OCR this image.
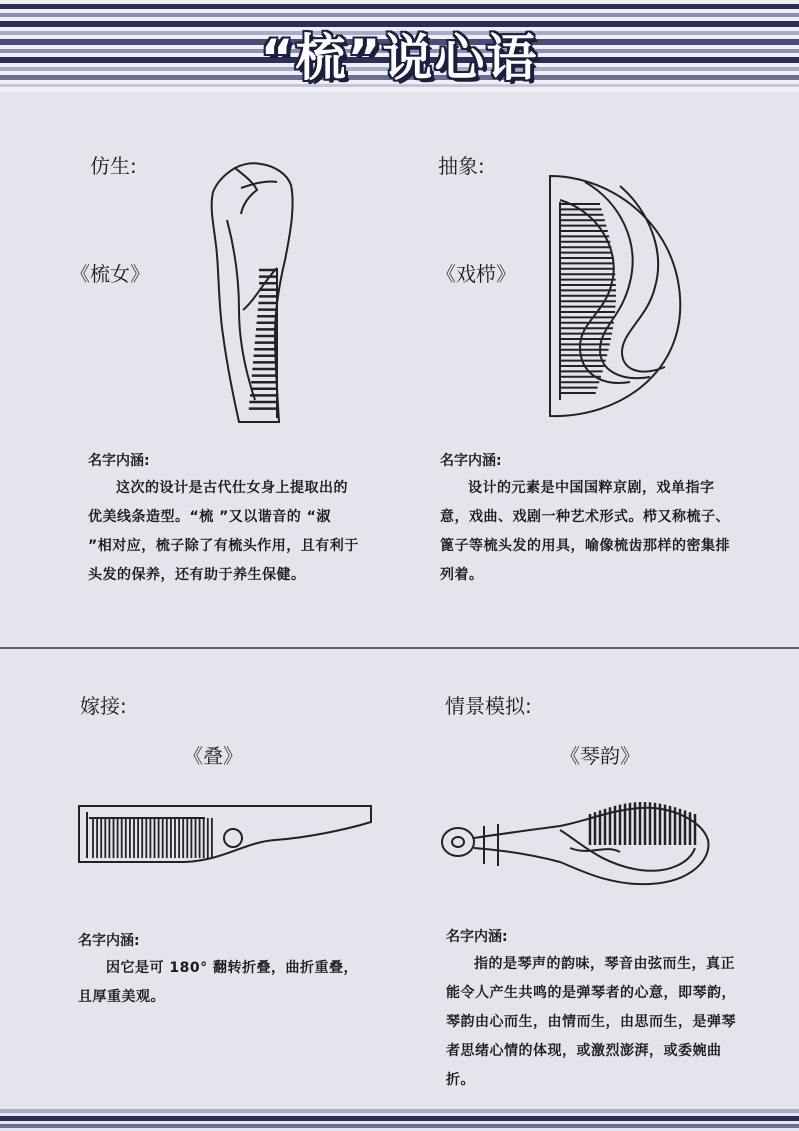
“梳”说心语
仿生:
《梳女》
名字内涵:
这次的设计是古代仕女身上提取出的优美线条造型。“梳 ”又以谐音的 “淑 ”相对应，梳子除了有梳头作用，且有利于头发的保养，还有助于养生保健。
抽象:
《戏栉》
名字内涵:
设计的元素是中国国粹京剧，戏单指字意，戏曲、戏剧一种艺术形式。栉又称梳子、篦子等梳头发的用具，喻像梳齿那样的密集排列着。
嫁接:
《叠》
名字内涵:
因它是可 180° 翻转折叠，曲折重叠，且厚重美观。
情景模拟:
《琴韵》
名字内涵:
指的是琴声的韵味，琴音由弦而生，真正能令人产生共鸣的是弹琴者的心意，即琴韵，琴韵由心而生，由情而生，由思而生，是弹琴者思绪心情的体现，或激烈澎湃，或委婉曲折。
